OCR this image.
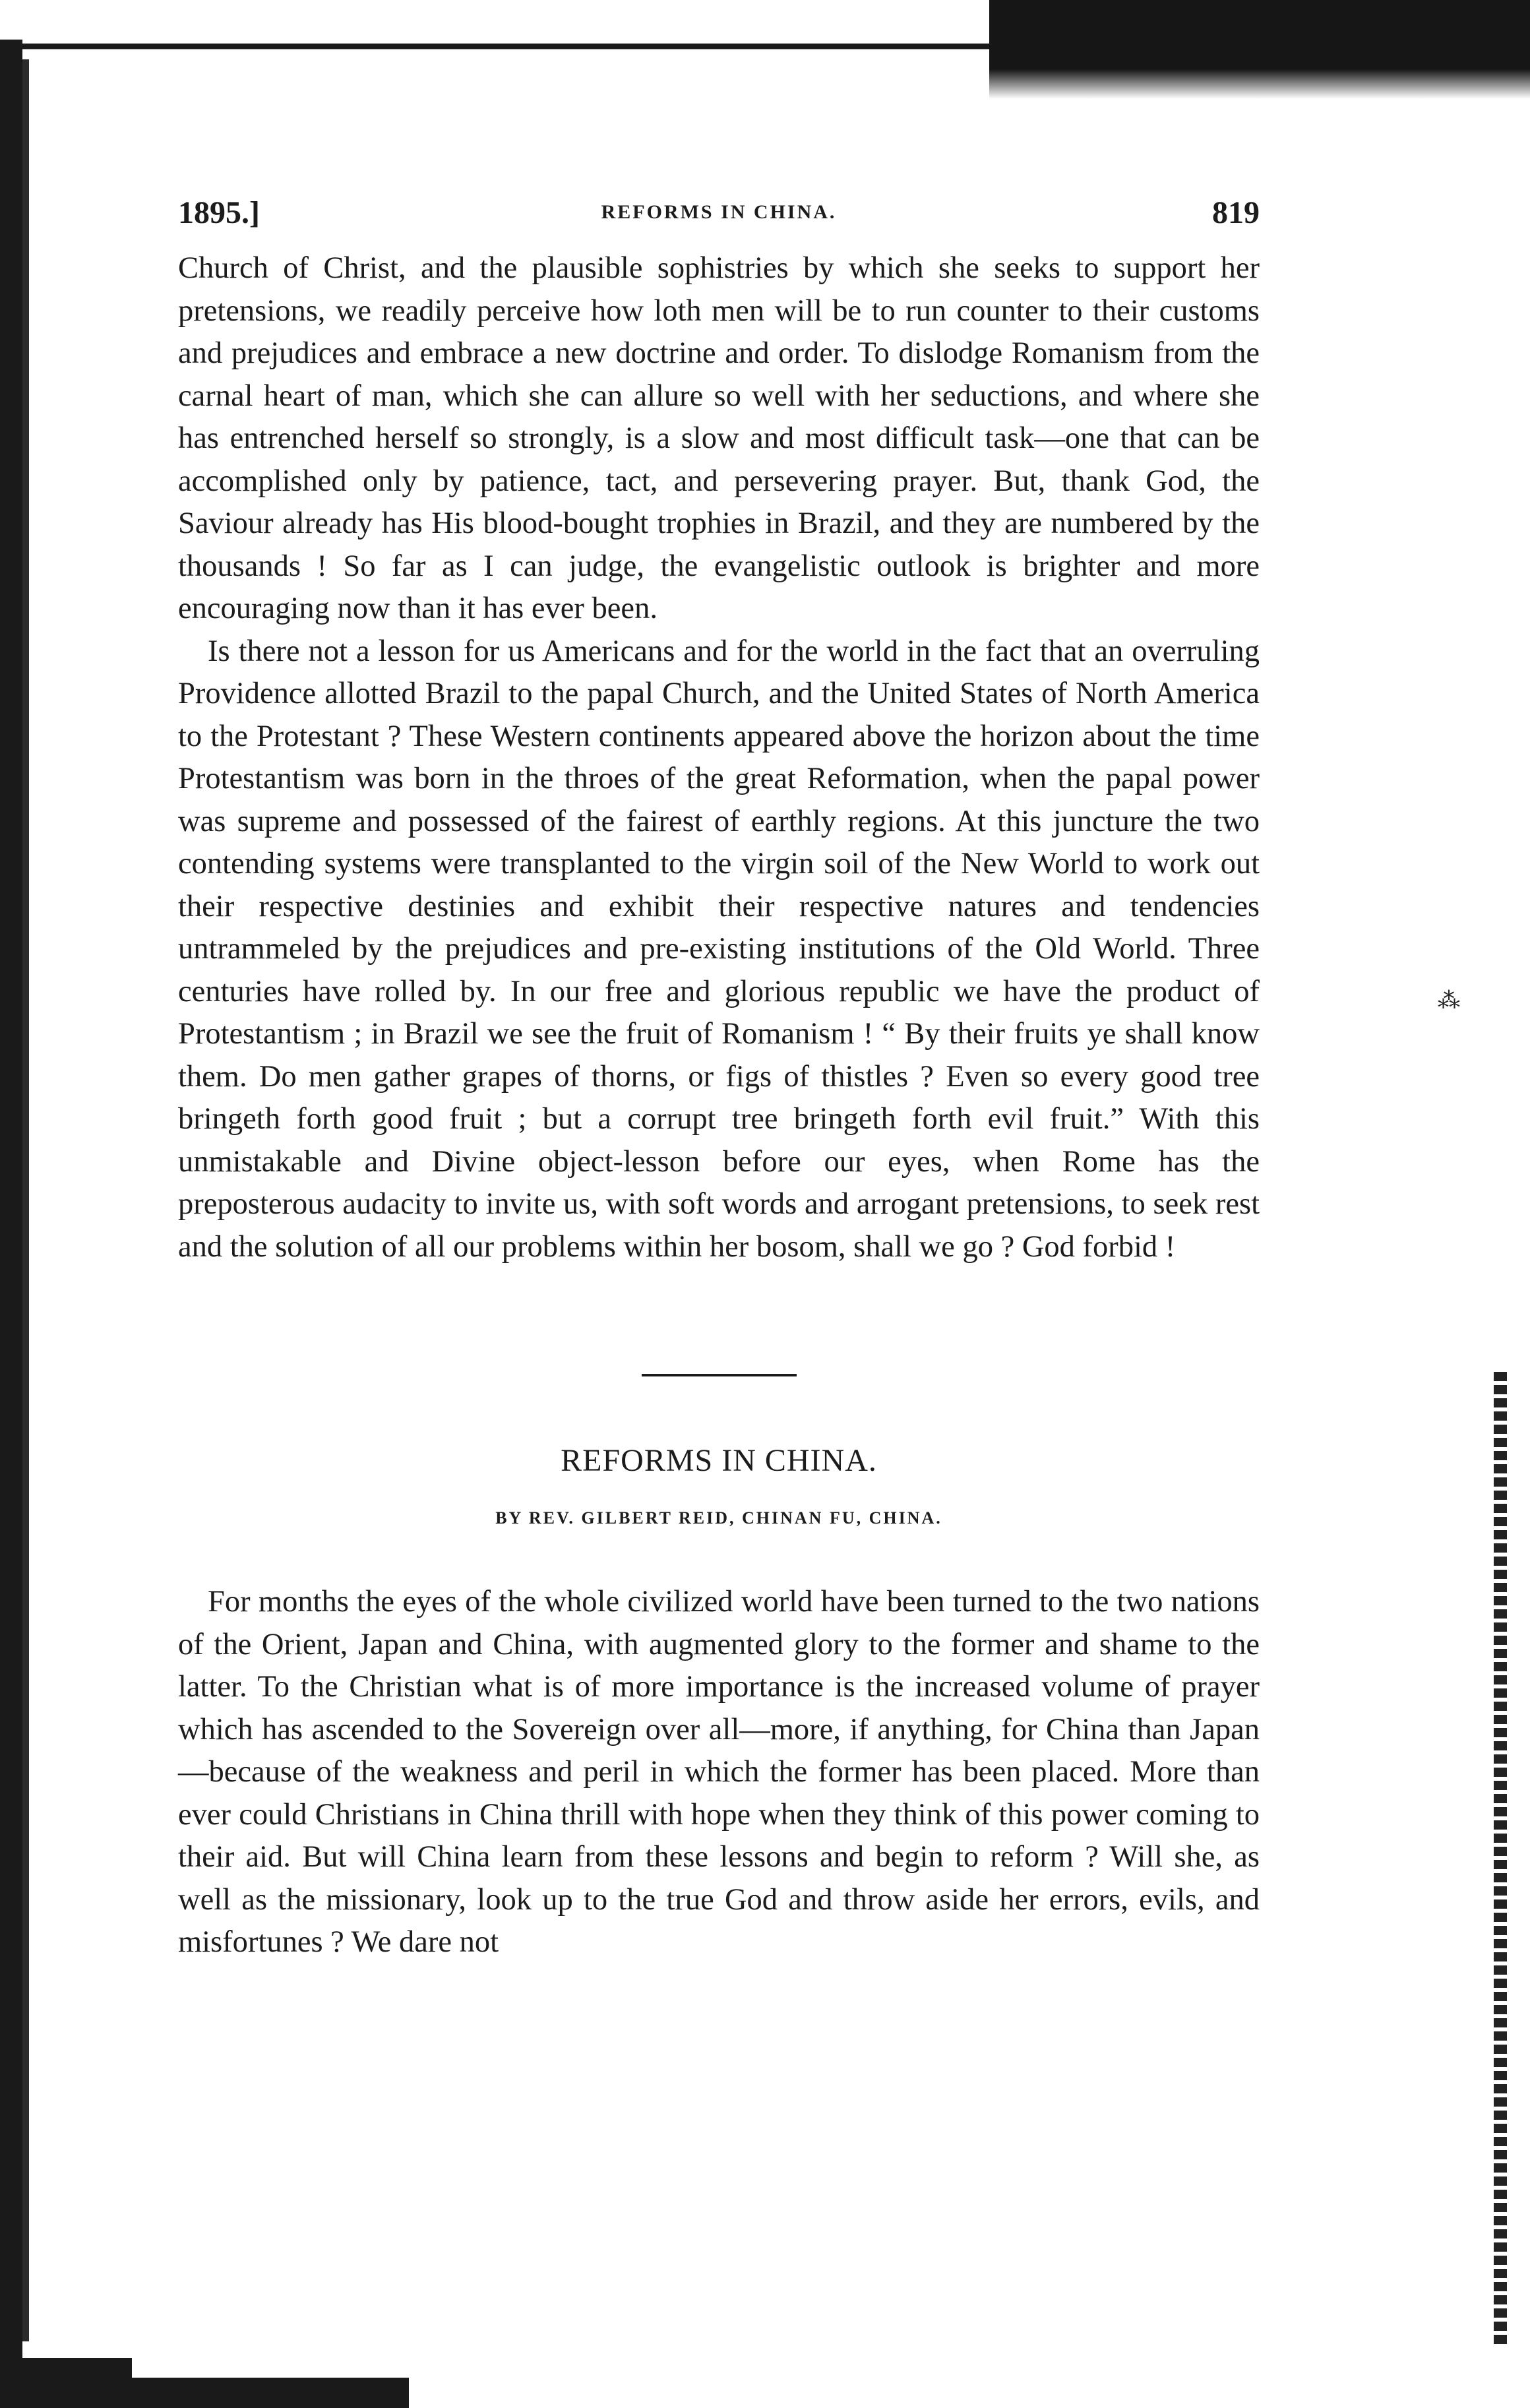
⁂
1895.]	REFORMS IN CHINA.	819

Church of Christ, and the plausible sophistries by which she seeks to support her pretensions, we readily perceive how loth men will be to run counter to their customs and prejudices and embrace a new doctrine and order. To dislodge Romanism from the carnal heart of man, which she can allure so well with her seductions, and where she has entrenched herself so strongly, is a slow and most difficult task—one that can be accomplished only by patience, tact, and persevering prayer. But, thank God, the Saviour already has His blood-bought trophies in Brazil, and they are numbered by the thousands ! So far as I can judge, the evangelistic outlook is brighter and more encouraging now than it has ever been.

Is there not a lesson for us Americans and for the world in the fact that an overruling Providence allotted Brazil to the papal Church, and the United States of North America to the Protestant ? These Western continents appeared above the horizon about the time Protestantism was born in the throes of the great Reformation, when the papal power was supreme and possessed of the fairest of earthly regions. At this juncture the two contending systems were transplanted to the virgin soil of the New World to work out their respective destinies and exhibit their respective natures and tendencies untrammeled by the prejudices and pre-existing institutions of the Old World. Three centuries have rolled by. In our free and glorious republic we have the product of Protestantism ; in Brazil we see the fruit of Romanism ! “ By their fruits ye shall know them. Do men gather grapes of thorns, or figs of thistles ? Even so every good tree bringeth forth good fruit ; but a corrupt tree bringeth forth evil fruit.” With this unmistakable and Divine object-lesson before our eyes, when Rome has the preposterous audacity to invite us, with soft words and arrogant pretensions, to seek rest and the solution of all our problems within her bosom, shall we go ? God forbid !

REFORMS IN CHINA.
BY REV. GILBERT REID, CHINAN FU, CHINA.

For months the eyes of the whole civilized world have been turned to the two nations of the Orient, Japan and China, with augmented glory to the former and shame to the latter. To the Christian what is of more importance is the increased volume of prayer which has ascended to the Sovereign over all—more, if anything, for China than Japan—because of the weakness and peril in which the former has been placed. More than ever could Christians in China thrill with hope when they think of this power coming to their aid. But will China learn from these lessons and begin to reform ? Will she, as well as the missionary, look up to the true God and throw aside her errors, evils, and misfortunes ? We dare not
